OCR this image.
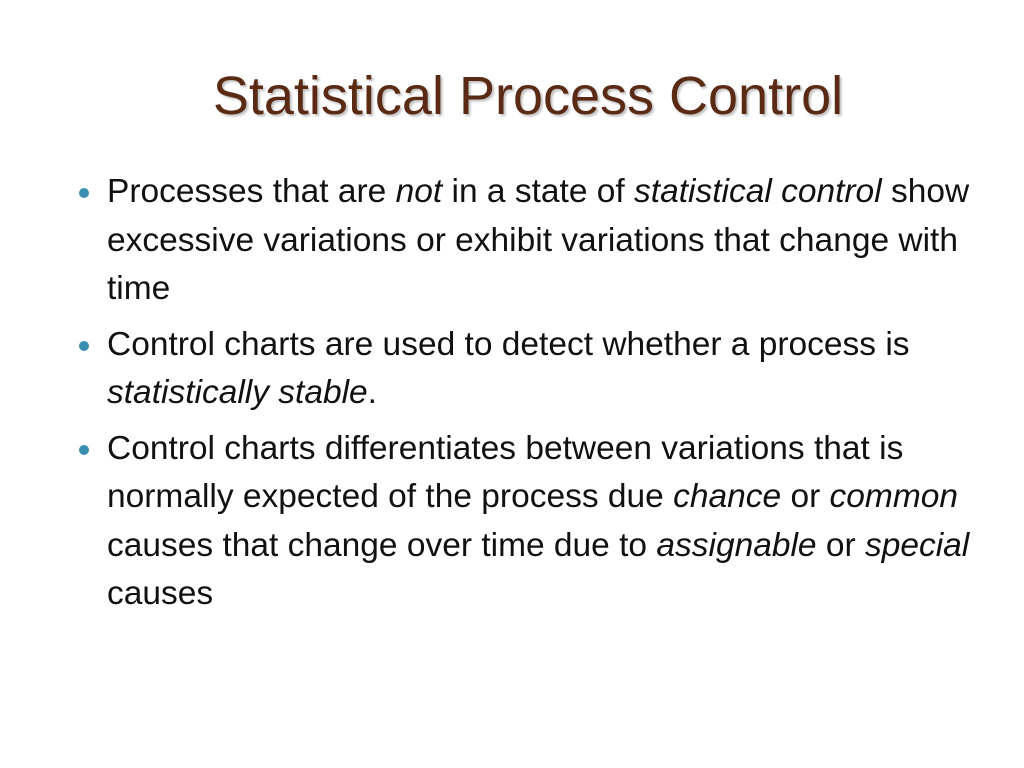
Statistical Process Control
Processes that are not in a state of statistical control show excessive variations or exhibit variations that change with time
Control charts are used to detect whether a process is statistically stable.
Control charts differentiates between variations that is normally expected of the process due chance or common causes that change over time due to assignable or special causes
